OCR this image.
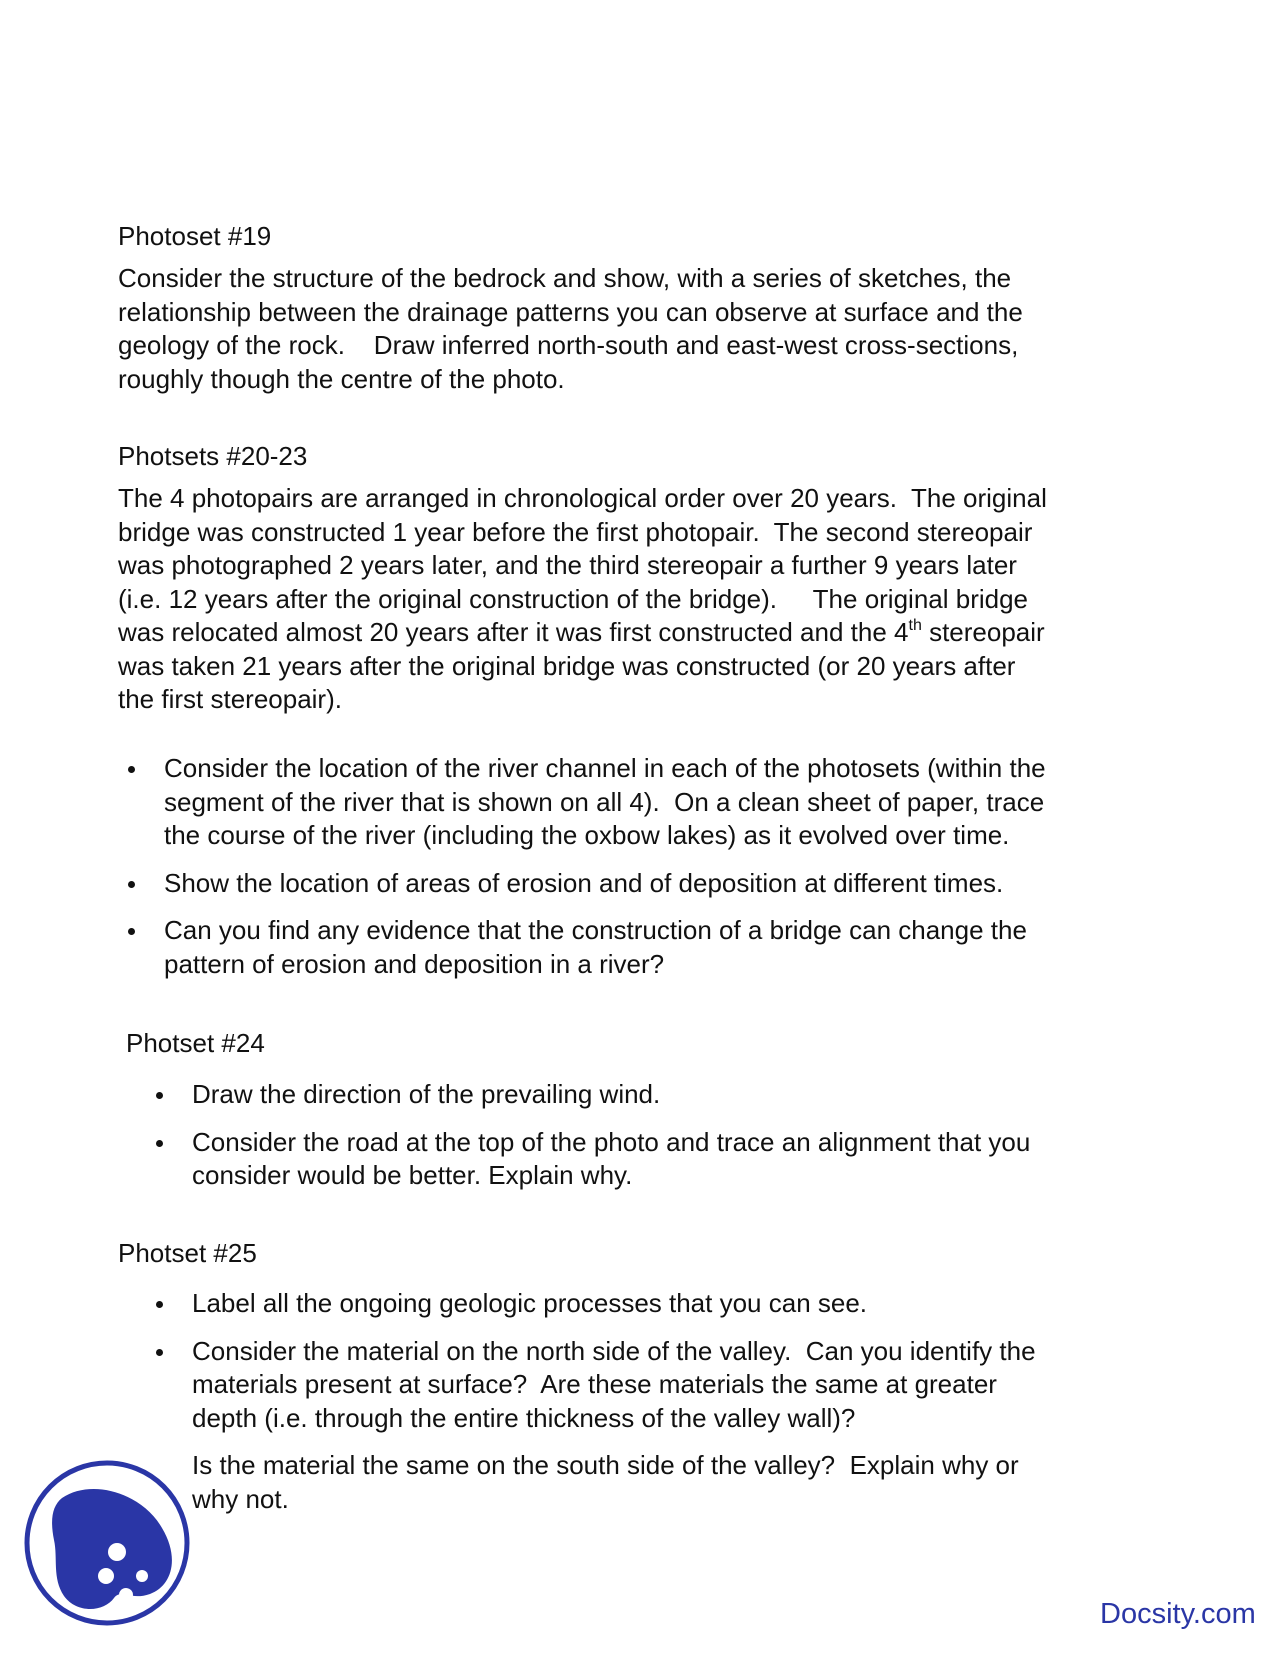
Photoset #19
Consider the structure of the bedrock and show, with a series of sketches, the
relationship between the drainage patterns you can observe at surface and the
geology of the rock.    Draw inferred north-south and east-west cross-sections,
roughly though the centre of the photo.
Photsets #20-23
The 4 photopairs are arranged in chronological order over 20 years.  The original
bridge was constructed 1 year before the first photopair.  The second stereopair
was photographed 2 years later, and the third stereopair a further 9 years later
(i.e. 12 years after the original construction of the bridge).     The original bridge
was relocated almost 20 years after it was first constructed and the 4th stereopair
was taken 21 years after the original bridge was constructed (or 20 years after
the first stereopair).
Consider the location of the river channel in each of the photosets (within the
segment of the river that is shown on all 4).  On a clean sheet of paper, trace
the course of the river (including the oxbow lakes) as it evolved over time.
Show the location of areas of erosion and of deposition at different times.
Can you find any evidence that the construction of a bridge can change the
pattern of erosion and deposition in a river?
Photset #24
Draw the direction of the prevailing wind.
Consider the road at the top of the photo and trace an alignment that you
consider would be better. Explain why.
Photset #25
Label all the ongoing geologic processes that you can see.
Consider the material on the north side of the valley.  Can you identify the
materials present at surface?  Are these materials the same at greater
depth (i.e. through the entire thickness of the valley wall)?
Is the material the same on the south side of the valley?  Explain why or
why not.
Docsity.com
